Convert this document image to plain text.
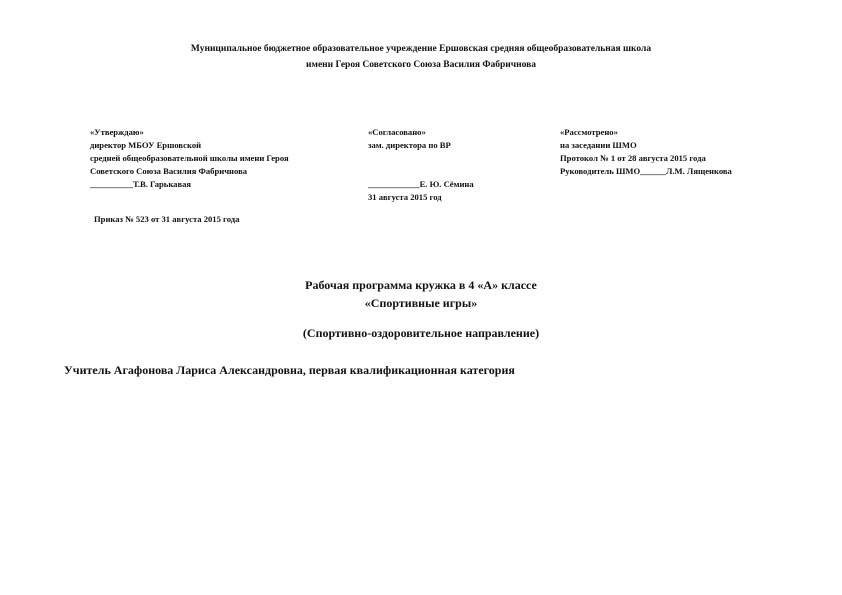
Муниципальное бюджетное образовательное учреждение Ершовская средняя общеобразовательная школа
имени Героя Советского Союза Василия Фабричнова
«Утверждаю»
директор МБОУ Ершовской
средней общеобразовательной школы имени Героя
Советского Союза Василия Фабричнова
__________Т.В. Гарькавая
«Согласовано»
зам. директора по ВР
____________Е. Ю. Сёмина
31 августа 2015 год
«Рассмотрено»
на заседании ШМО
Протокол № 1 от 28 августа 2015 года
Руководитель ШМО______Л.М. Лященкова
Приказ № 523 от 31 августа 2015 года
Рабочая программа кружка в 4 «А» классе
«Спортивные игры»
(Спортивно-оздоровительное направление)
Учитель Агафонова Лариса Александровна, первая квалификационная категория
